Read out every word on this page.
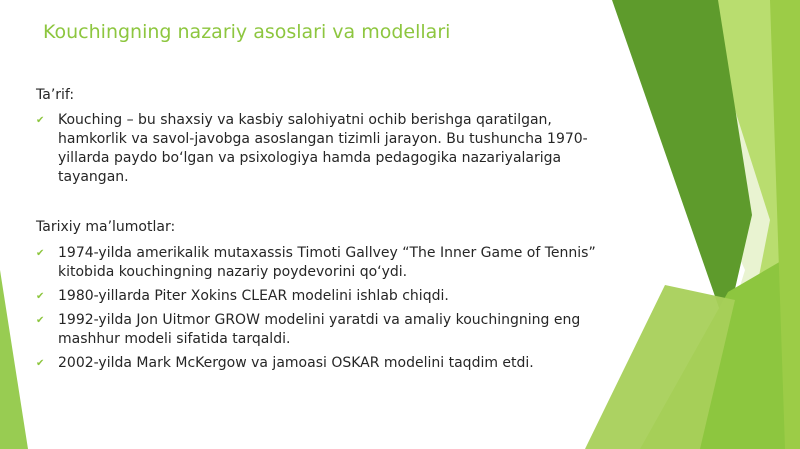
Kouchingning nazariy asoslari va modellari
Ta’rif:
✔ Kouching – bu shaxsiy va kasbiy salohiyatni ochib berishga qaratilgan, hamkorlik va savol-javobga asoslangan tizimli jarayon. Bu tushuncha 1970-yillarda paydo bo‘lgan va psixologiya hamda pedagogika nazariyalariga tayangan.
Tarixiy ma’lumotlar:
✔ 1974-yilda amerikalik mutaxassis Timoti Gallvey “The Inner Game of Tennis” kitobida kouchingning nazariy poydevorini qo‘ydi.
✔ 1980-yillarda Piter Xokins CLEAR modelini ishlab chiqdi.
✔ 1992-yilda Jon Uitmor GROW modelini yaratdi va amaliy kouchingning eng mashhur modeli sifatida tarqaldi.
✔ 2002-yilda Mark McKergow va jamoasi OSKAR modelini taqdim etdi.
